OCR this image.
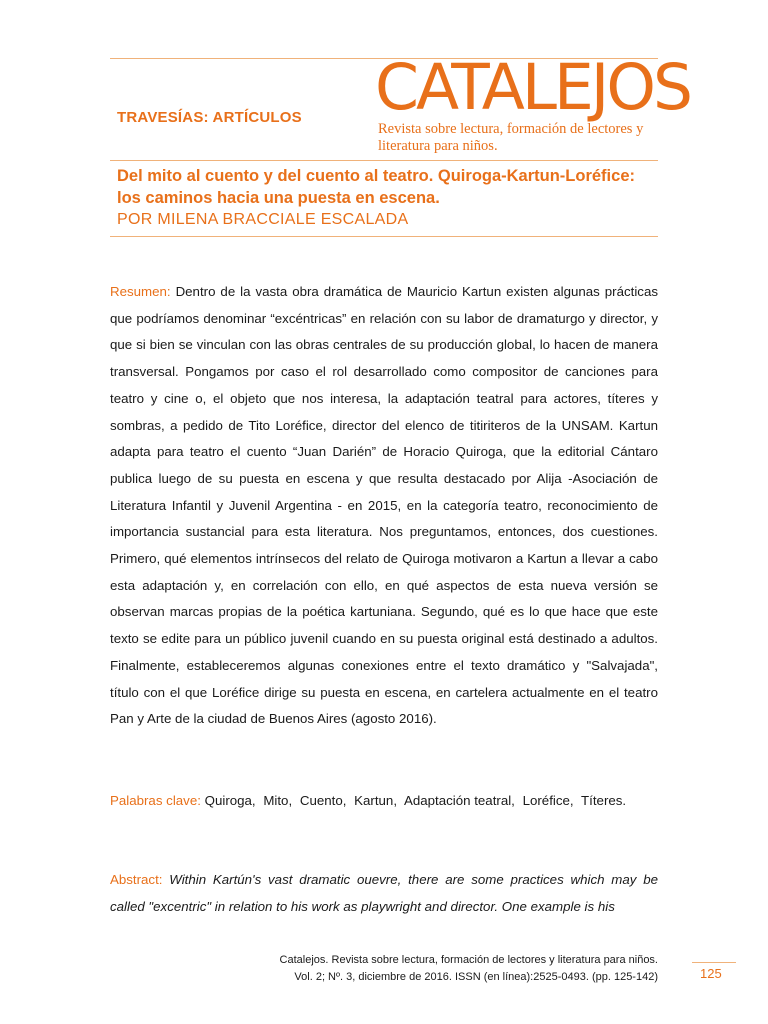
TRAVESÍAS: ARTÍCULOS CATALEJOS
Revista sobre lectura, formación de lectores y literatura para niños.
Del mito al cuento y del cuento al teatro. Quiroga-Kartun-Loréfice: los caminos hacia una puesta en escena.
POR MILENA BRACCIALE ESCALADA

Resumen: Dentro de la vasta obra dramática de Mauricio Kartun existen algunas prácticas que podríamos denominar “excéntricas” en relación con su labor de dramaturgo y director, y que si bien se vinculan con las obras centrales de su producción global, lo hacen de manera transversal. Pongamos por caso el rol desarrollado como compositor de canciones para teatro y cine o, el objeto que nos interesa, la adaptación teatral para actores, títeres y sombras, a pedido de Tito Loréfice, director del elenco de titiriteros de la UNSAM. Kartun adapta para teatro el cuento “Juan Darién” de Horacio Quiroga, que la editorial Cántaro publica luego de su puesta en escena y que resulta destacado por Alija -Asociación de Literatura Infantil y Juvenil Argentina - en 2015, en la categoría teatro, reconocimiento de importancia sustancial para esta literatura. Nos preguntamos, entonces, dos cuestiones. Primero, qué elementos intrínsecos del relato de Quiroga motivaron a Kartun a llevar a cabo esta adaptación y, en correlación con ello, en qué aspectos de esta nueva versión se observan marcas propias de la poética kartuniana. Segundo, qué es lo que hace que este texto se edite para un público juvenil cuando en su puesta original está destinado a adultos. Finalmente, estableceremos algunas conexiones entre el texto dramático y "Salvajada", título con el que Loréfice dirige su puesta en escena, en cartelera actualmente en el teatro Pan y Arte de la ciudad de Buenos Aires (agosto 2016).

Palabras clave: Quiroga, Mito, Cuento, Kartun, Adaptación teatral, Loréfice, Títeres.

Abstract: Within Kartún's vast dramatic ouevre, there are some practices which may be called "excentric" in relation to his work as playwright and director. One example is his

Catalejos. Revista sobre lectura, formación de lectores y literatura para niños.
Vol. 2; Nº. 3, diciembre de 2016. ISSN (en línea):2525-0493. (pp. 125-142)	125
